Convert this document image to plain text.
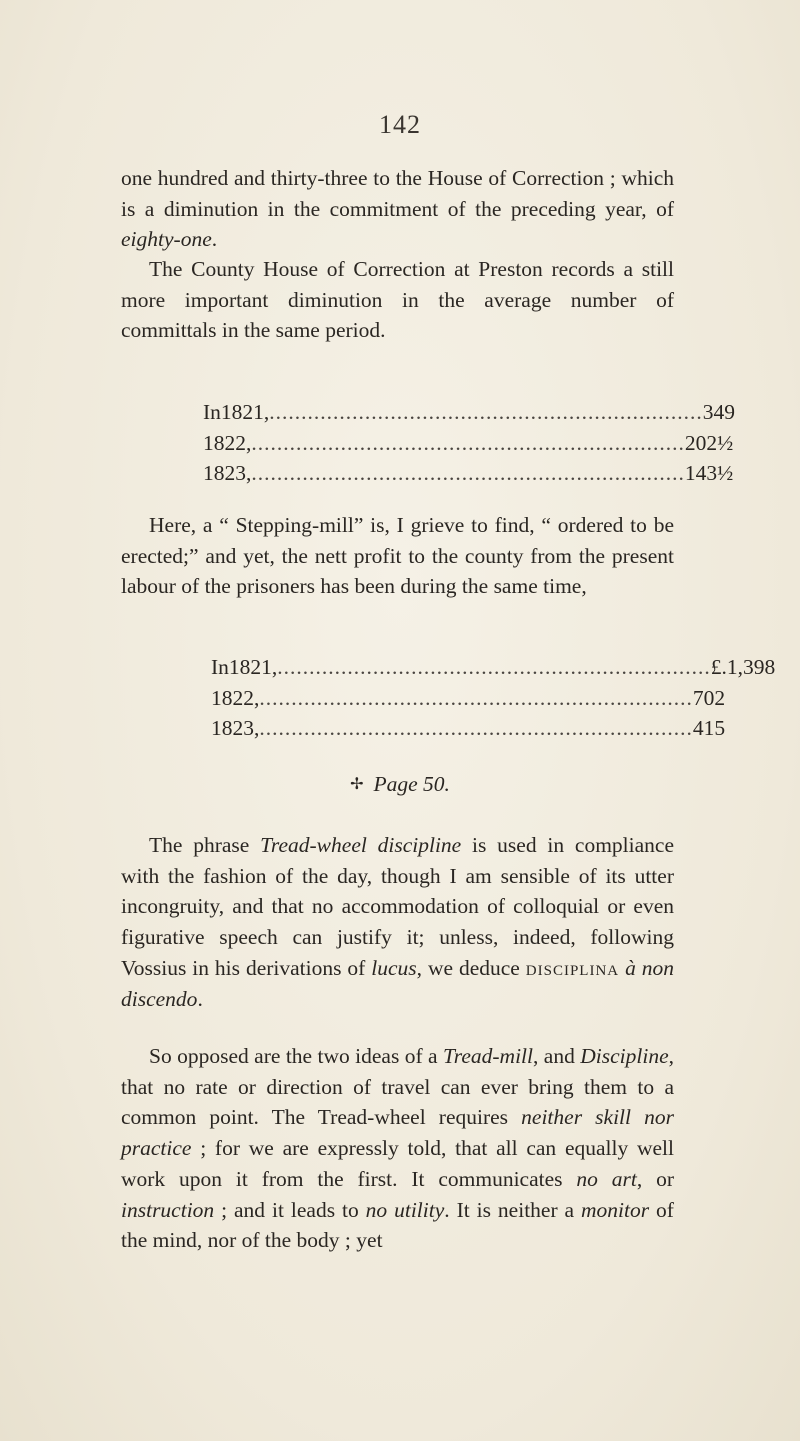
142

one hundred and thirty-three to the House of Correction ; which is a diminution in the commitment of the preceding year, of eighty-one.

The County House of Correction at Preston records a still more important diminution in the average number of committals in the same period.
In 1821, .................................................................... 349
1822, .................................................................... 202½
1823, .................................................................... 143½
Here, a “ Stepping-mill” is, I grieve to find, “ ordered to be erected;” and yet, the nett profit to the county from the present labour of the prisoners has been during the same time,
In 1821, .................................................................... £.1,398
1822, .................................................................... 702
1823, .................................................................... 415
✢ Page 50.
The phrase Tread-wheel discipline is used in compliance with the fashion of the day, though I am sensible of its utter incongruity, and that no accommodation of colloquial or even figurative speech can justify it; unless, indeed, following Vossius in his derivations of lucus, we deduce disciplina à non discendo.
So opposed are the two ideas of a Tread-mill, and Discipline, that no rate or direction of travel can ever bring them to a common point. The Tread-wheel requires neither skill nor practice ; for we are expressly told, that all can equally well work upon it from the first. It communicates no art, or instruction ; and it leads to no utility. It is neither a monitor of the mind, nor of the body ; yet
